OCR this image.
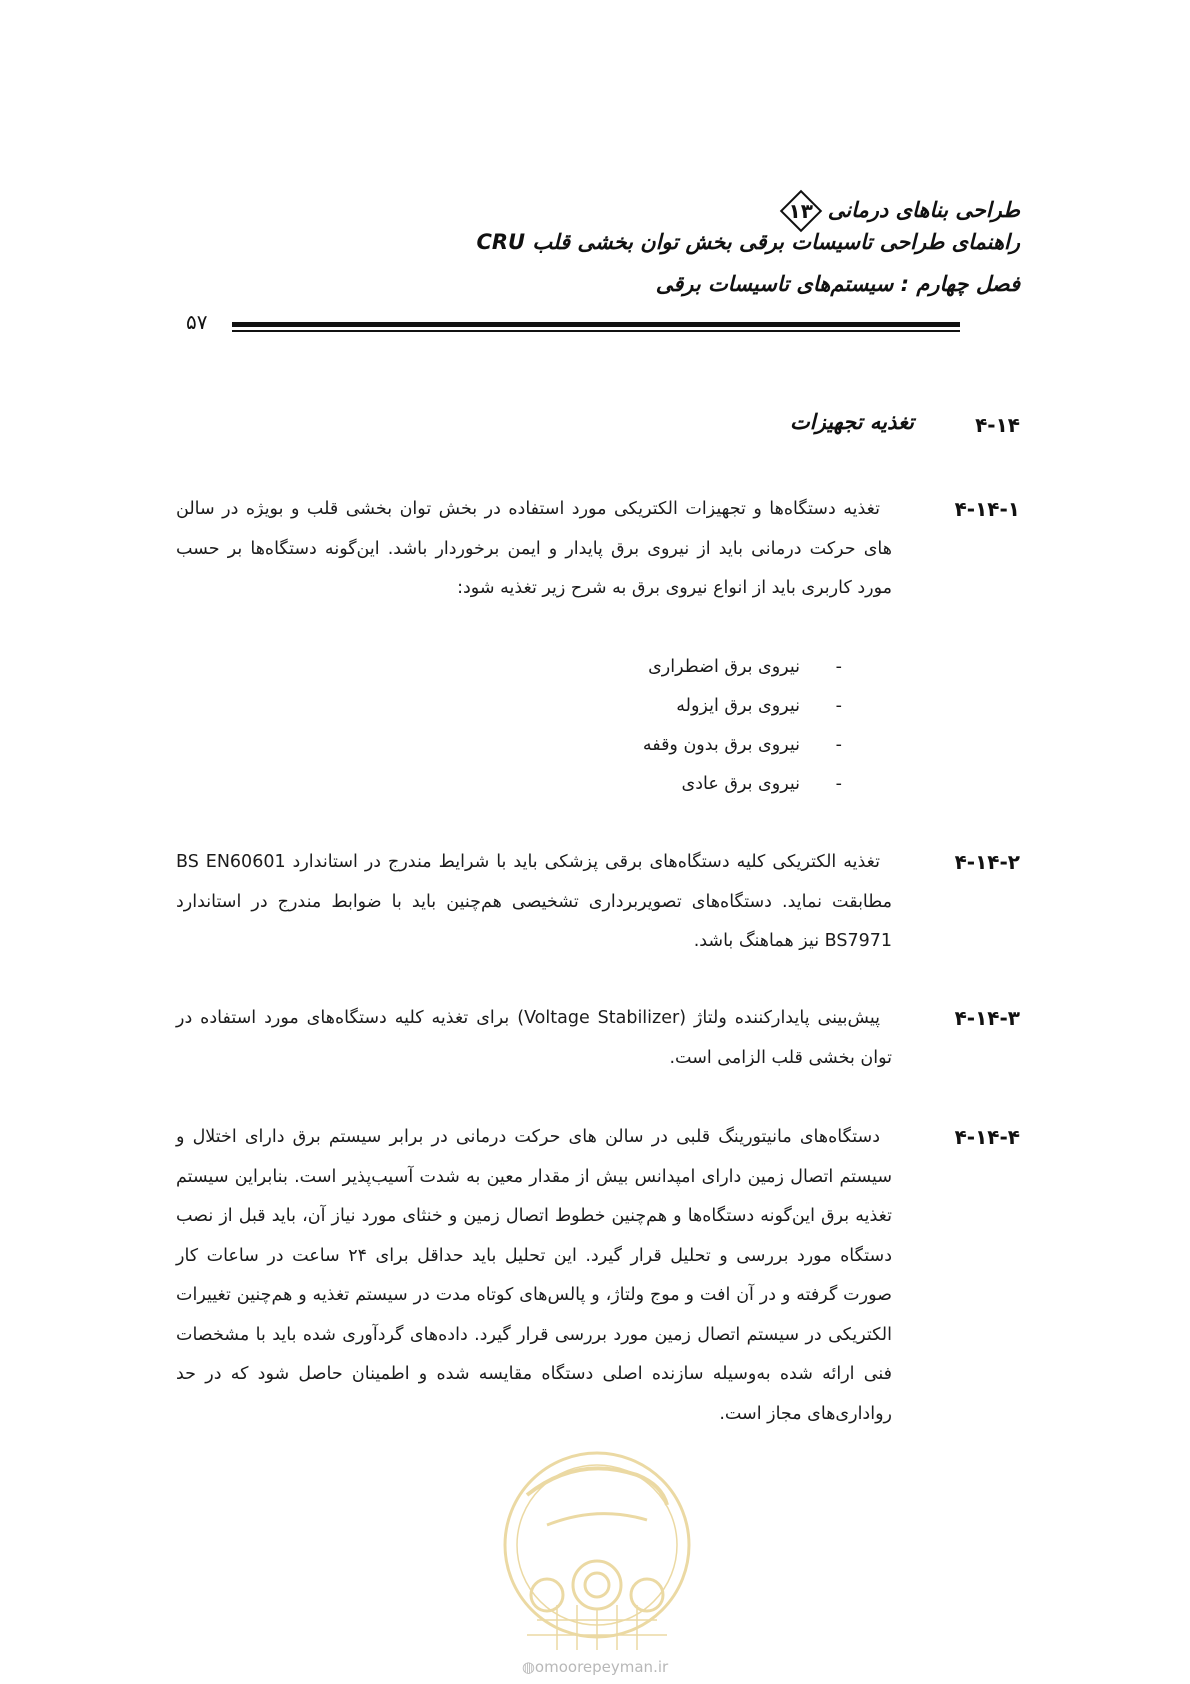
طراحی بناهای درمانی
۱۳
راهنمای طراحی تاسیسات برقی بخش توان بخشی قلب CRU
فصل چهارم : سیستم‌های تاسیسات برقی
۵۷
۴-۱۴
تغذیه تجهیزات
۴-۱۴-۱

تغذیه دستگاه‌ها و تجهیزات الکتریکی مورد استفاده در بخش توان بخشی قلب و بویژه در سالن های حرکت درمانی باید از نیروی برق پایدار و ایمن برخوردار باشد. این‌گونه دستگاه‌ها بر حسب مورد کاربری باید از انواع نیروی برق به شرح زیر تغذیه شود:

-نیروی برق اضطراری
-نیروی برق ایزوله
-نیروی برق بدون وقفه
-نیروی برق عادی
۴-۱۴-۲

تغذیه الکتریکی کلیه دستگاه‌های برقی پزشکی باید با شرایط مندرج در استاندارد BS EN60601 مطابقت نماید. دستگاه‌های تصویربرداری تشخیصی هم‌چنین باید با ضوابط مندرج در استاندارد BS7971 نیز هماهنگ باشد.

۴-۱۴-۳

پیش‌بینی پایدارکننده ولتاژ (Voltage Stabilizer) برای تغذیه کلیه دستگاه‌های مورد استفاده در توان بخشی قلب الزامی است.

۴-۱۴-۴

دستگاه‌های مانیتورینگ قلبی در سالن های حرکت درمانی در برابر سیستم برق دارای اختلال و سیستم اتصال زمین دارای امپدانس بیش از مقدار معین به شدت آسیب‌پذیر است. بنابراین سیستم تغذیه برق این‌گونه دستگاه‌ها و هم‌چنین خطوط اتصال زمین و خنثای مورد نیاز آن، باید قبل از نصب دستگاه مورد بررسی و تحلیل قرار گیرد. این تحلیل باید حداقل برای ۲۴ ساعت در ساعات کار صورت گرفته و در آن افت و موج ولتاژ، و پالس‌های کوتاه مدت در سیستم تغذیه و هم‌چنین تغییرات الکتریکی در سیستم اتصال زمین مورد بررسی قرار گیرد. داده‌های گردآوری شده باید با مشخصات فنی ارائه شده به‌وسیله سازنده اصلی دستگاه مقایسه شده و اطمینان حاصل شود که در حد رواداری‌های مجاز است.

◍omoorepeyman.ir
